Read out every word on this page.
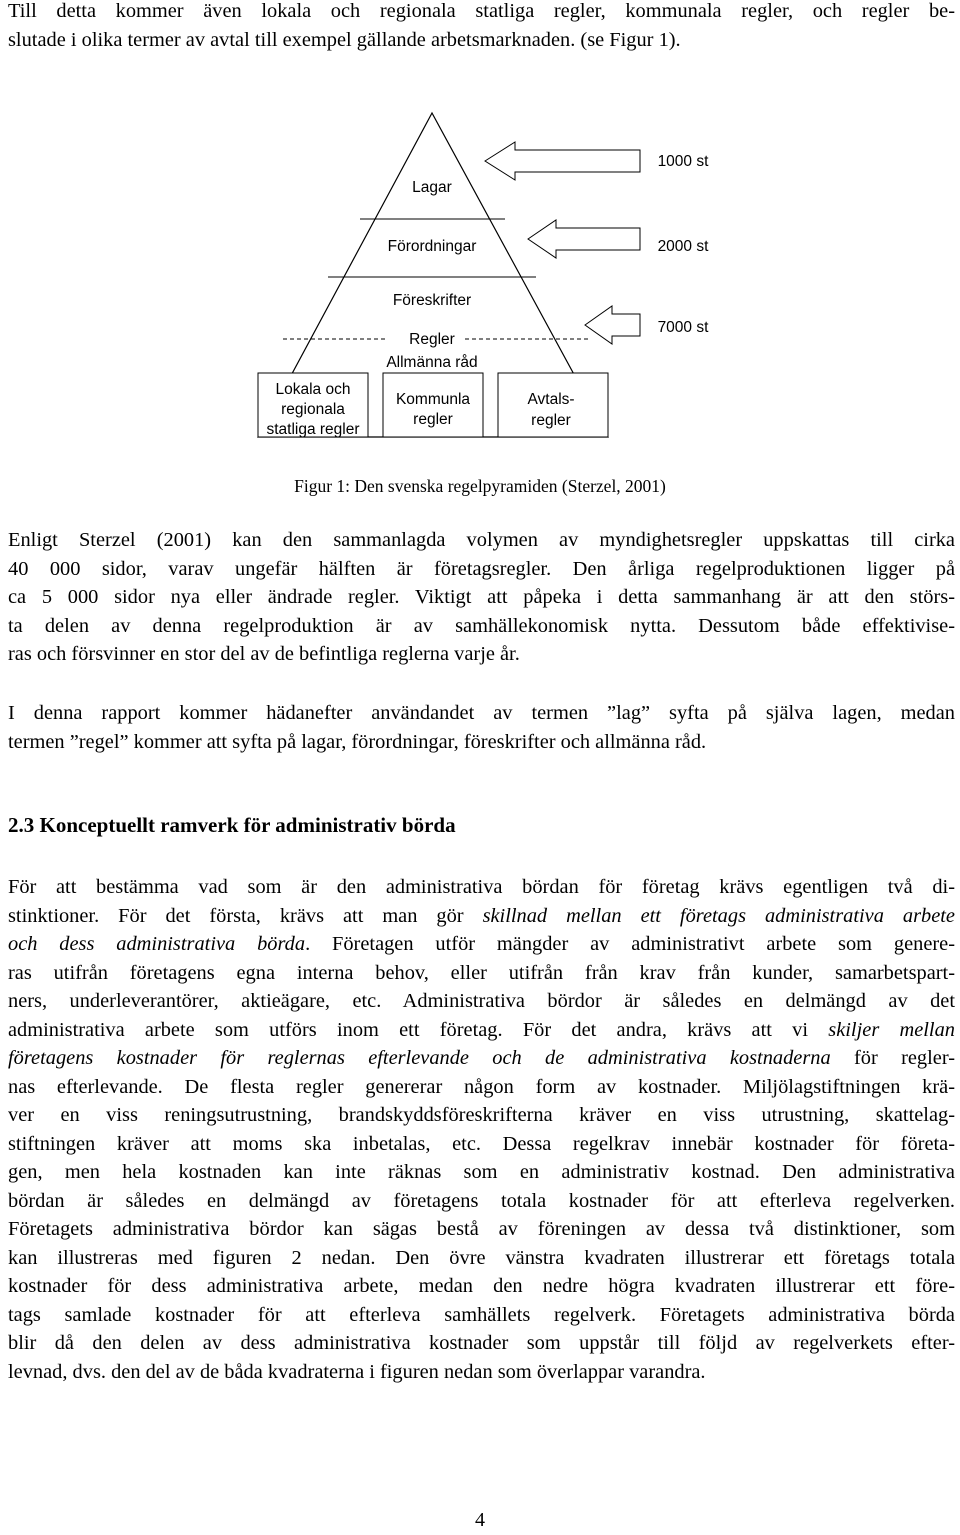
Till detta kommer även lokala och regionala statliga regler, kommunala regler, och regler be-
slutade i olika termer av avtal till exempel gällande arbetsmarknaden. (se Figur 1).

Lagar
Förordningar
Föreskrifter
Regler
Allmänna råd
Lokala och
regionala
statliga regler
Kommunla
regler
Avtals-
regler
1000 st
2000 st
7000 st
Figur 1: Den svenska regelpyramiden (Sterzel, 2001)

Enligt Sterzel (2001) kan den sammanlagda volymen av myndighetsregler uppskattas till cirka
40 000 sidor, varav ungefär hälften är företagsregler. Den årliga regelproduktionen ligger på
ca 5 000 sidor nya eller ändrade regler. Viktigt att påpeka i detta sammanhang är att den störs-
ta delen av denna regelproduktion är av samhällekonomisk nytta. Dessutom både effektivise-
ras och försvinner en stor del av de befintliga reglerna varje år.

I denna rapport kommer hädanefter användandet av termen ”lag” syfta på själva lagen, medan
termen ”regel” kommer att syfta på lagar, förordningar, föreskrifter och allmänna råd.

2.3 Konceptuellt ramverk för administrativ börda

För att bestämma vad som är den administrativa bördan för företag krävs egentligen två di-
stinktioner. För det första, krävs att man gör skillnad mellan ett företags administrativa arbete
och dess administrativa börda. Företagen utför mängder av administrativt arbete som genere-
ras utifrån företagens egna interna behov, eller utifrån från krav från kunder, samarbetspart-
ners, underleverantörer, aktieägare, etc. Administrativa bördor är således en delmängd av det
administrativa arbete som utförs inom ett företag. För det andra, krävs att vi skiljer mellan
företagens kostnader för reglernas efterlevande och de administrativa kostnaderna för regler-
nas efterlevande. De flesta regler genererar någon form av kostnader. Miljölagstiftningen krä-
ver en viss reningsutrustning, brandskyddsföreskrifterna kräver en viss utrustning, skattelag-
stiftningen kräver att moms ska inbetalas, etc. Dessa regelkrav innebär kostnader för företa-
gen, men hela kostnaden kan inte räknas som en administrativ kostnad. Den administrativa
bördan är således en delmängd av företagens totala kostnader för att efterleva regelverken.
Företagets administrativa bördor kan sägas bestå av föreningen av dessa två distinktioner, som
kan illustreras med figuren 2 nedan. Den övre vänstra kvadraten illustrerar ett företags totala
kostnader för dess administrativa arbete, medan den nedre högra kvadraten illustrerar ett före-
tags samlade kostnader för att efterleva samhällets regelverk. Företagets administrativa börda
blir då den delen av dess administrativa kostnader som uppstår till följd av regelverkets efter-
levnad, dvs. den del av de båda kvadraterna i figuren nedan som överlappar varandra.

4
